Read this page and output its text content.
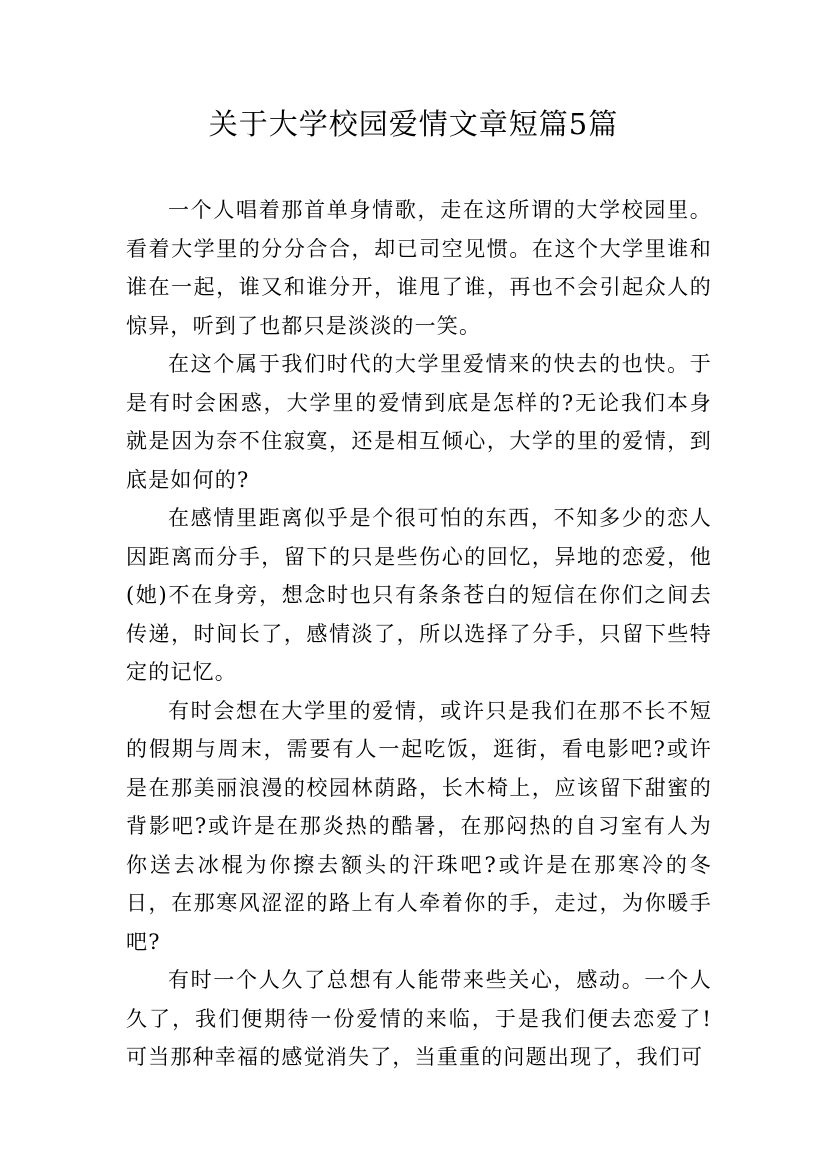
关于大学校园爱情文章短篇5篇

一个人唱着那首单身情歌，走在这所谓的大学校园里。看着大学里的分分合合，却已司空见惯。在这个大学里谁和谁在一起，谁又和谁分开，谁甩了谁，再也不会引起众人的惊异，听到了也都只是淡淡的一笑。

在这个属于我们时代的大学里爱情来的快去的也快。于是有时会困惑，大学里的爱情到底是怎样的?无论我们本身就是因为奈不住寂寞，还是相互倾心，大学的里的爱情，到底是如何的?

在感情里距离似乎是个很可怕的东西，不知多少的恋人因距离而分手，留下的只是些伤心的回忆，异地的恋爱，他(她)不在身旁，想念时也只有条条苍白的短信在你们之间去传递，时间长了，感情淡了，所以选择了分手，只留下些特定的记忆。

有时会想在大学里的爱情，或许只是我们在那不长不短的假期与周末，需要有人一起吃饭，逛街，看电影吧?或许是在那美丽浪漫的校园林荫路，长木椅上，应该留下甜蜜的背影吧?或许是在那炎热的酷暑，在那闷热的自习室有人为你送去冰棍为你擦去额头的汗珠吧?或许是在那寒冷的冬日，在那寒风涩涩的路上有人牵着你的手，走过，为你暖手吧?

有时一个人久了总想有人能带来些关心，感动。一个人久了，我们便期待一份爱情的来临，于是我们便去恋爱了!可当那种幸福的感觉消失了，当重重的问题出现了，我们可
